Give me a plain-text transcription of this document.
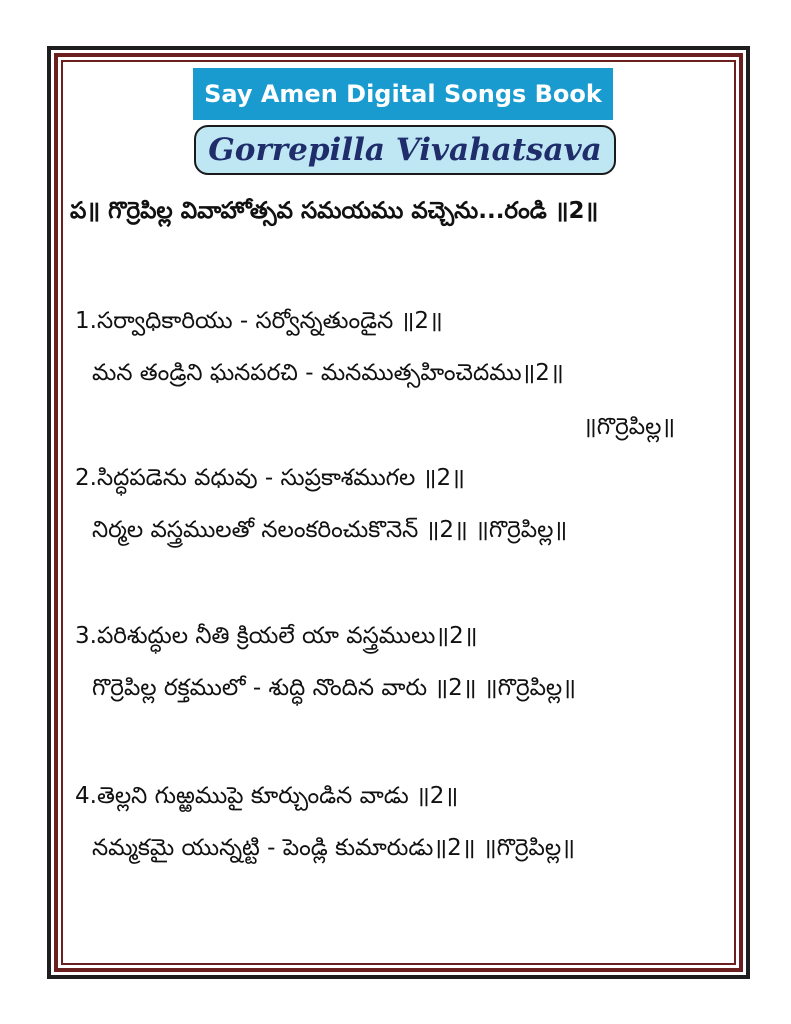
Say Amen Digital Songs Book
Gorrepilla Vivahatsava
ప॥ గొర్రెపిల్ల వివాహోత్సవ సమయము వచ్చెను...రండి ॥2॥
1.సర్వాధికారియు - సర్వోన్నతుండైన ॥2॥
మన తండ్రిని ఘనపరచి - మనముత్సహించెదము॥2॥
॥గొర్రెపిల్ల॥
2.సిద్ధపడెను వధువు - సుప్రకాశముగల ॥2॥
నిర్మల వస్త్రములతో నలంకరించుకొనెన్ ॥2॥ ॥గొర్రెపిల్ల॥
3.పరిశుద్ధుల నీతి క్రియలే యా వస్త్రములు॥2॥
గొర్రెపిల్ల రక్తములో - శుద్ధి నొందిన వారు ॥2॥ ॥గొర్రెపిల్ల॥
4.తెల్లని గుఱ్ఱముపై కూర్చుండిన వాడు ॥2॥
నమ్మకమై యున్నట్టి - పెండ్లి కుమారుడు॥2॥ ॥గొర్రెపిల్ల॥
